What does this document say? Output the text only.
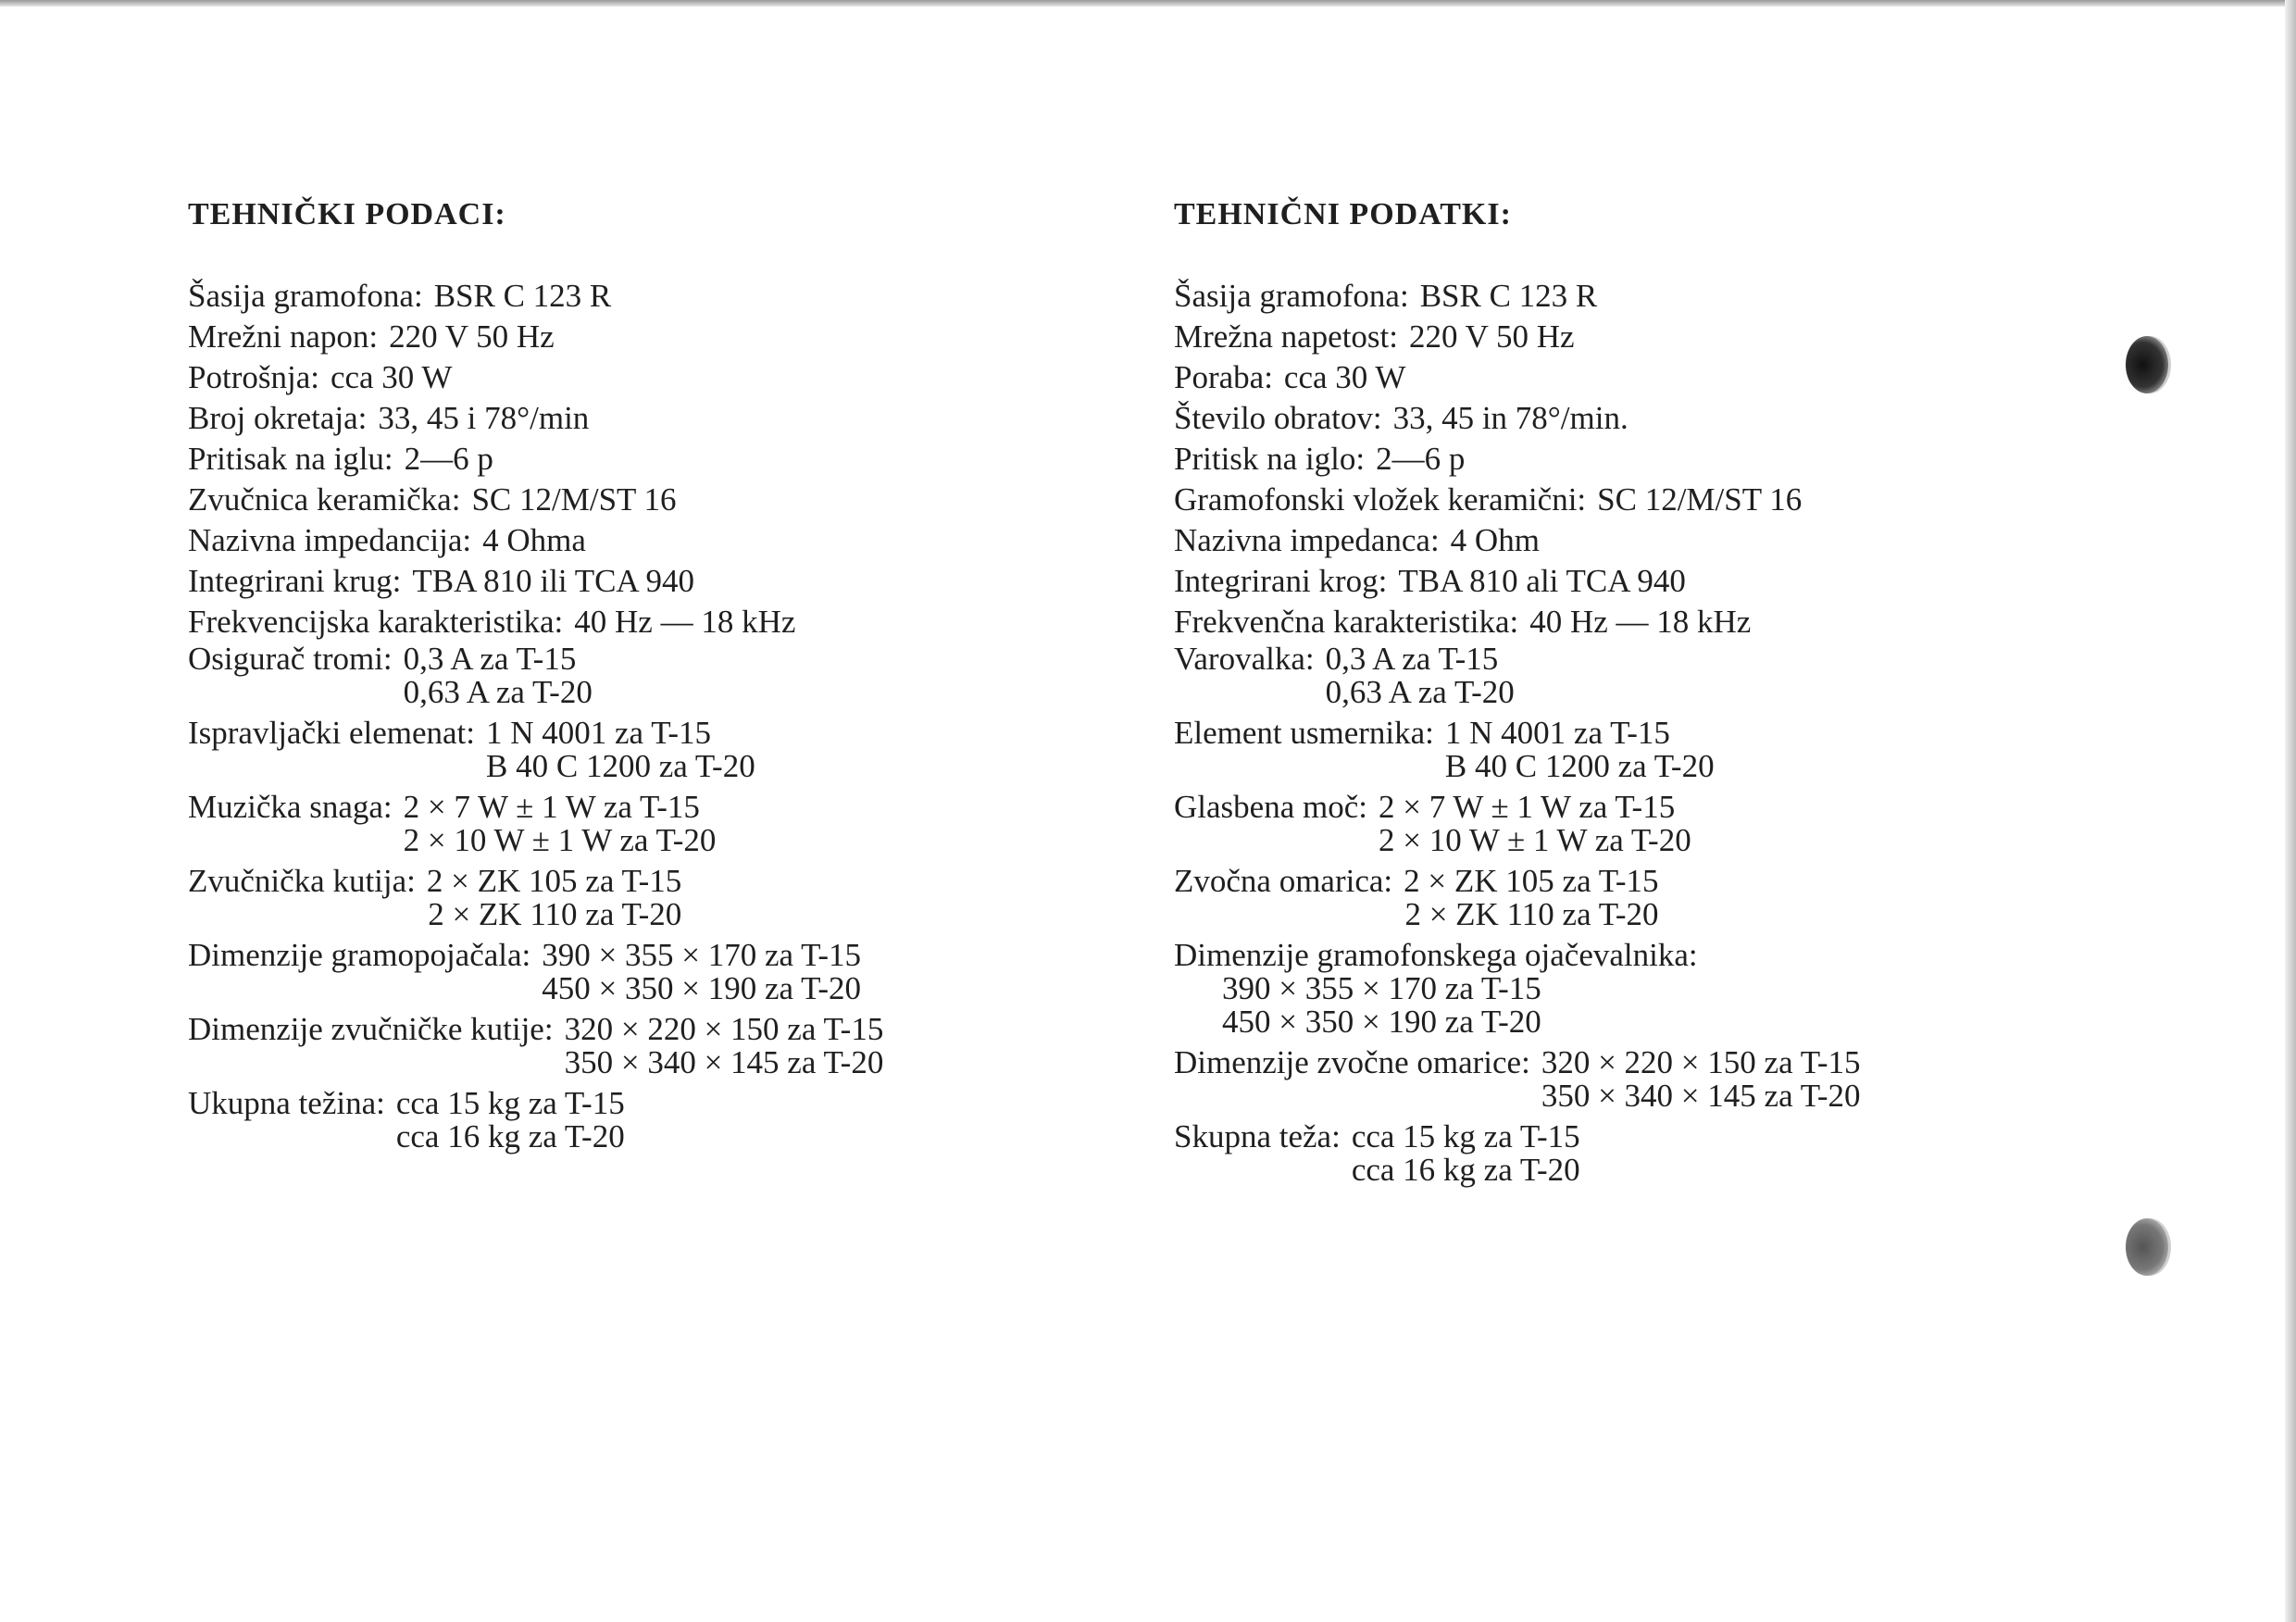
TEHNIČKI PODACI:
Šasija gramofona: BSR C 123 R
Mrežni napon: 220 V 50 Hz
Potrošnja: cca 30 W
Broj okretaja: 33, 45 i 78°/min
Pritisak na iglu: 2—6 p
Zvučnica keramička: SC 12/M/ST 16
Nazivna impedancija: 4 Ohma
Integrirani krug: TBA 810 ili TCA 940
Frekvencijska karakteristika: 40 Hz — 18 kHz
Osigurač tromi: 0,3 A za T-15
0,63 A za T-20
Ispravljački elemenat: 1 N 4001 za T-15
B 40 C 1200 za T-20
Muzička snaga: 2 × 7 W ± 1 W za T-15
2 × 10 W ± 1 W za T-20
Zvučnička kutija: 2 × ZK 105 za T-15
2 × ZK 110 za T-20
Dimenzije gramopojačala: 390 × 355 × 170 za T-15
450 × 350 × 190 za T-20
Dimenzije zvučničke kutije: 320 × 220 × 150 za T-15
350 × 340 × 145 za T-20
Ukupna težina: cca 15 kg za T-15
cca 16 kg za T-20
TEHNIČNI PODATKI:
Šasija gramofona: BSR C 123 R
Mrežna napetost: 220 V 50 Hz
Poraba: cca 30 W
Število obratov: 33, 45 in 78°/min.
Pritisk na iglo: 2—6 p
Gramofonski vložek keramični: SC 12/M/ST 16
Nazivna impedanca: 4 Ohm
Integrirani krog: TBA 810 ali TCA 940
Frekvenčna karakteristika: 40 Hz — 18 kHz
Varovalka: 0,3 A za T-15
0,63 A za T-20
Element usmernika: 1 N 4001 za T-15
B 40 C 1200 za T-20
Glasbena moč: 2 × 7 W ± 1 W za T-15
2 × 10 W ± 1 W za T-20
Zvočna omarica: 2 × ZK 105 za T-15
2 × ZK 110 za T-20
Dimenzije gramofonskega ojačevalnika:
390 × 355 × 170 za T-15
450 × 350 × 190 za T-20
Dimenzije zvočne omarice: 320 × 220 × 150 za T-15
350 × 340 × 145 za T-20
Skupna teža: cca 15 kg za T-15
cca 16 kg za T-20
